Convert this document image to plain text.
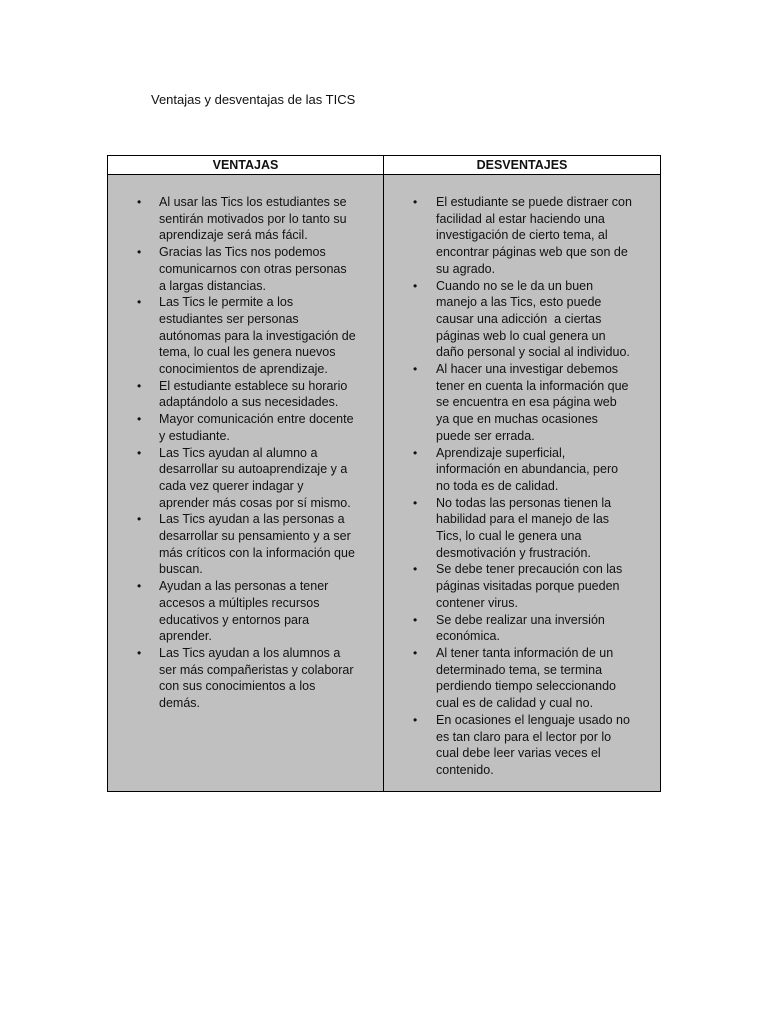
Ventajas y desventajas de las TICS
VENTAJAS	DESVENTAJES
• Al usar las Tics los estudiantes se
sentirán motivados por lo tanto su
aprendizaje será más fácil.
• Gracias las Tics nos podemos
comunicarnos con otras personas
a largas distancias.
• Las Tics le permite a los
estudiantes ser personas
autónomas para la investigación de
tema, lo cual les genera nuevos
conocimientos de aprendizaje.
• El estudiante establece su horario
adaptándolo a sus necesidades.
• Mayor comunicación entre docente
y estudiante.
• Las Tics ayudan al alumno a
desarrollar su autoaprendizaje y a
cada vez querer indagar y
aprender más cosas por sí mismo.
• Las Tics ayudan a las personas a
desarrollar su pensamiento y a ser
más críticos con la información que
buscan.
• Ayudan a las personas a tener
accesos a múltiples recursos
educativos y entornos para
aprender.
• Las Tics ayudan a los alumnos a
ser más compañeristas y colaborar
con sus conocimientos a los
demás.
• El estudiante se puede distraer con
facilidad al estar haciendo una
investigación de cierto tema, al
encontrar páginas web que son de
su agrado.
• Cuando no se le da un buen
manejo a las Tics, esto puede
causar una adicción  a ciertas
páginas web lo cual genera un
daño personal y social al individuo.
• Al hacer una investigar debemos
tener en cuenta la información que
se encuentra en esa página web
ya que en muchas ocasiones
puede ser errada.
• Aprendizaje superficial,
información en abundancia, pero
no toda es de calidad.
• No todas las personas tienen la
habilidad para el manejo de las
Tics, lo cual le genera una
desmotivación y frustración.
• Se debe tener precaución con las
páginas visitadas porque pueden
contener virus.
• Se debe realizar una inversión
económica.
• Al tener tanta información de un
determinado tema, se termina
perdiendo tiempo seleccionando
cual es de calidad y cual no.
• En ocasiones el lenguaje usado no
es tan claro para el lector por lo
cual debe leer varias veces el
contenido.
